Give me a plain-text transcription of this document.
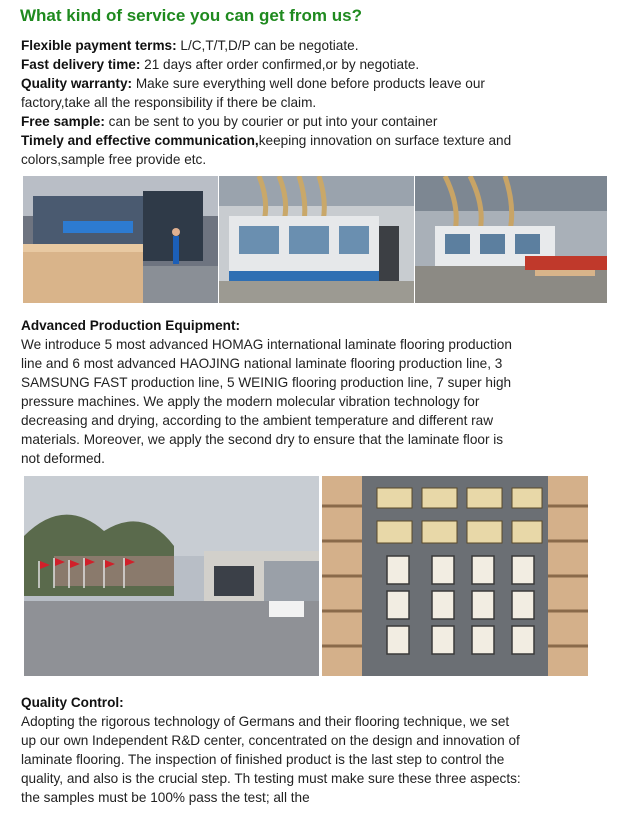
What kind of service you can get from us?
Flexible payment terms: L/C,T/T,D/P can be negotiate.
Fast delivery time: 21 days after order confirmed,or by negotiate.
Quality warranty: Make sure everything well done before products leave our factory,take all the responsibility if there be claim.
Free sample: can be sent to you by courier or put into your container
Timely and effective communication,keeping innovation on surface texture and colors,sample free provide etc.
Advanced Production Equipment:
We introduce 5 most advanced HOMAG international laminate flooring production line and 6 most advanced HAOJING national laminate flooring production line, 3 SAMSUNG FAST production line, 5 WEINIG flooring production line, 7 super high pressure machines. We apply the modern molecular vibration technology for decreasing and drying, according to the ambient temperature and different raw materials. Moreover, we apply the second dry to ensure that the laminate floor is not deformed.
Quality Control:
Adopting the rigorous technology of Germans and their flooring technique, we set up our own Independent R&D center, concentrated on the design and innovation of laminate flooring. The inspection of finished product is the last step to control the quality, and also is the crucial step. Th testing must make sure these three aspects: the samples must be 100% pass the test; all the
